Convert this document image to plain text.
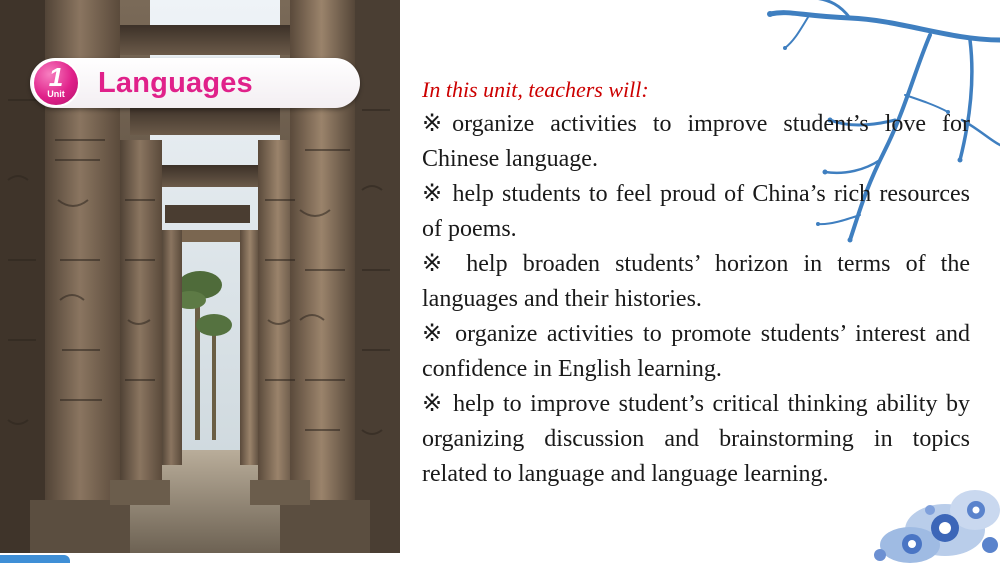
1
Unit	Languages	In this unit, teachers will:

※organize activities to improve student’s love for Chinese language.

※ help students to feel proud of China’s rich resources of poems.

※ help broaden students’ horizon in terms of the languages and their histories.

※ organize activities to promote students’ interest and confidence in English learning.

※ help to improve student’s critical thinking ability by organizing discussion and brainstorming in topics related to language and language learning.
